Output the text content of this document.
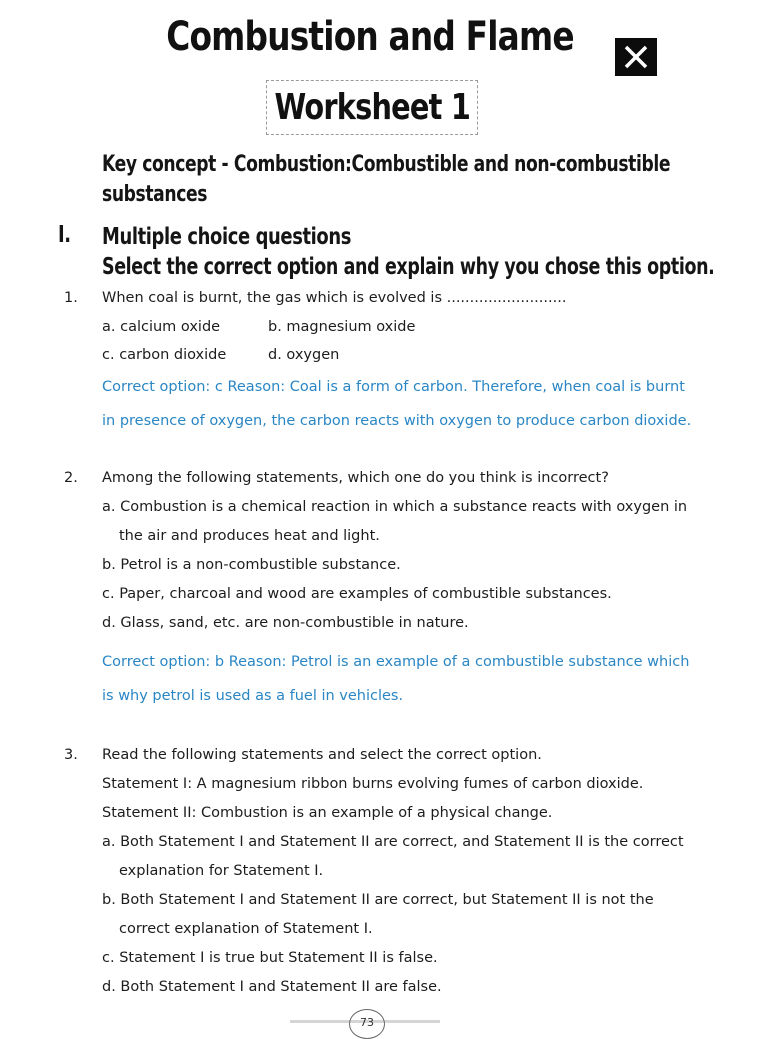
Combustion and Flame
Worksheet 1
Key concept - Combustion:Combustible and non-combustible
substances
I. Multiple choice questions
Select the correct option and explain why you chose this option.
1. When coal is burnt, the gas which is evolved is ..........................
a. calcium oxide	b. magnesium oxide
c. carbon dioxide	d. oxygen
Correct option: c Reason: Coal is a form of carbon. Therefore, when coal is burnt
in presence of oxygen, the carbon reacts with oxygen to produce carbon dioxide.
2. Among the following statements, which one do you think is incorrect?
a. Combustion is a chemical reaction in which a substance reacts with oxygen in
the air and produces heat and light.
b. Petrol is a non-combustible substance.
c. Paper, charcoal and wood are examples of combustible substances.
d. Glass, sand, etc. are non-combustible in nature.
Correct option: b Reason: Petrol is an example of a combustible substance which
is why petrol is used as a fuel in vehicles.
3. Read the following statements and select the correct option.
Statement I: A magnesium ribbon burns evolving fumes of carbon dioxide.
Statement II: Combustion is an example of a physical change.
a. Both Statement I and Statement II are correct, and Statement II is the correct
explanation for Statement I.
b. Both Statement I and Statement II are correct, but Statement II is not the
correct explanation of Statement I.
c. Statement I is true but Statement II is false.
d. Both Statement I and Statement II are false.
73
